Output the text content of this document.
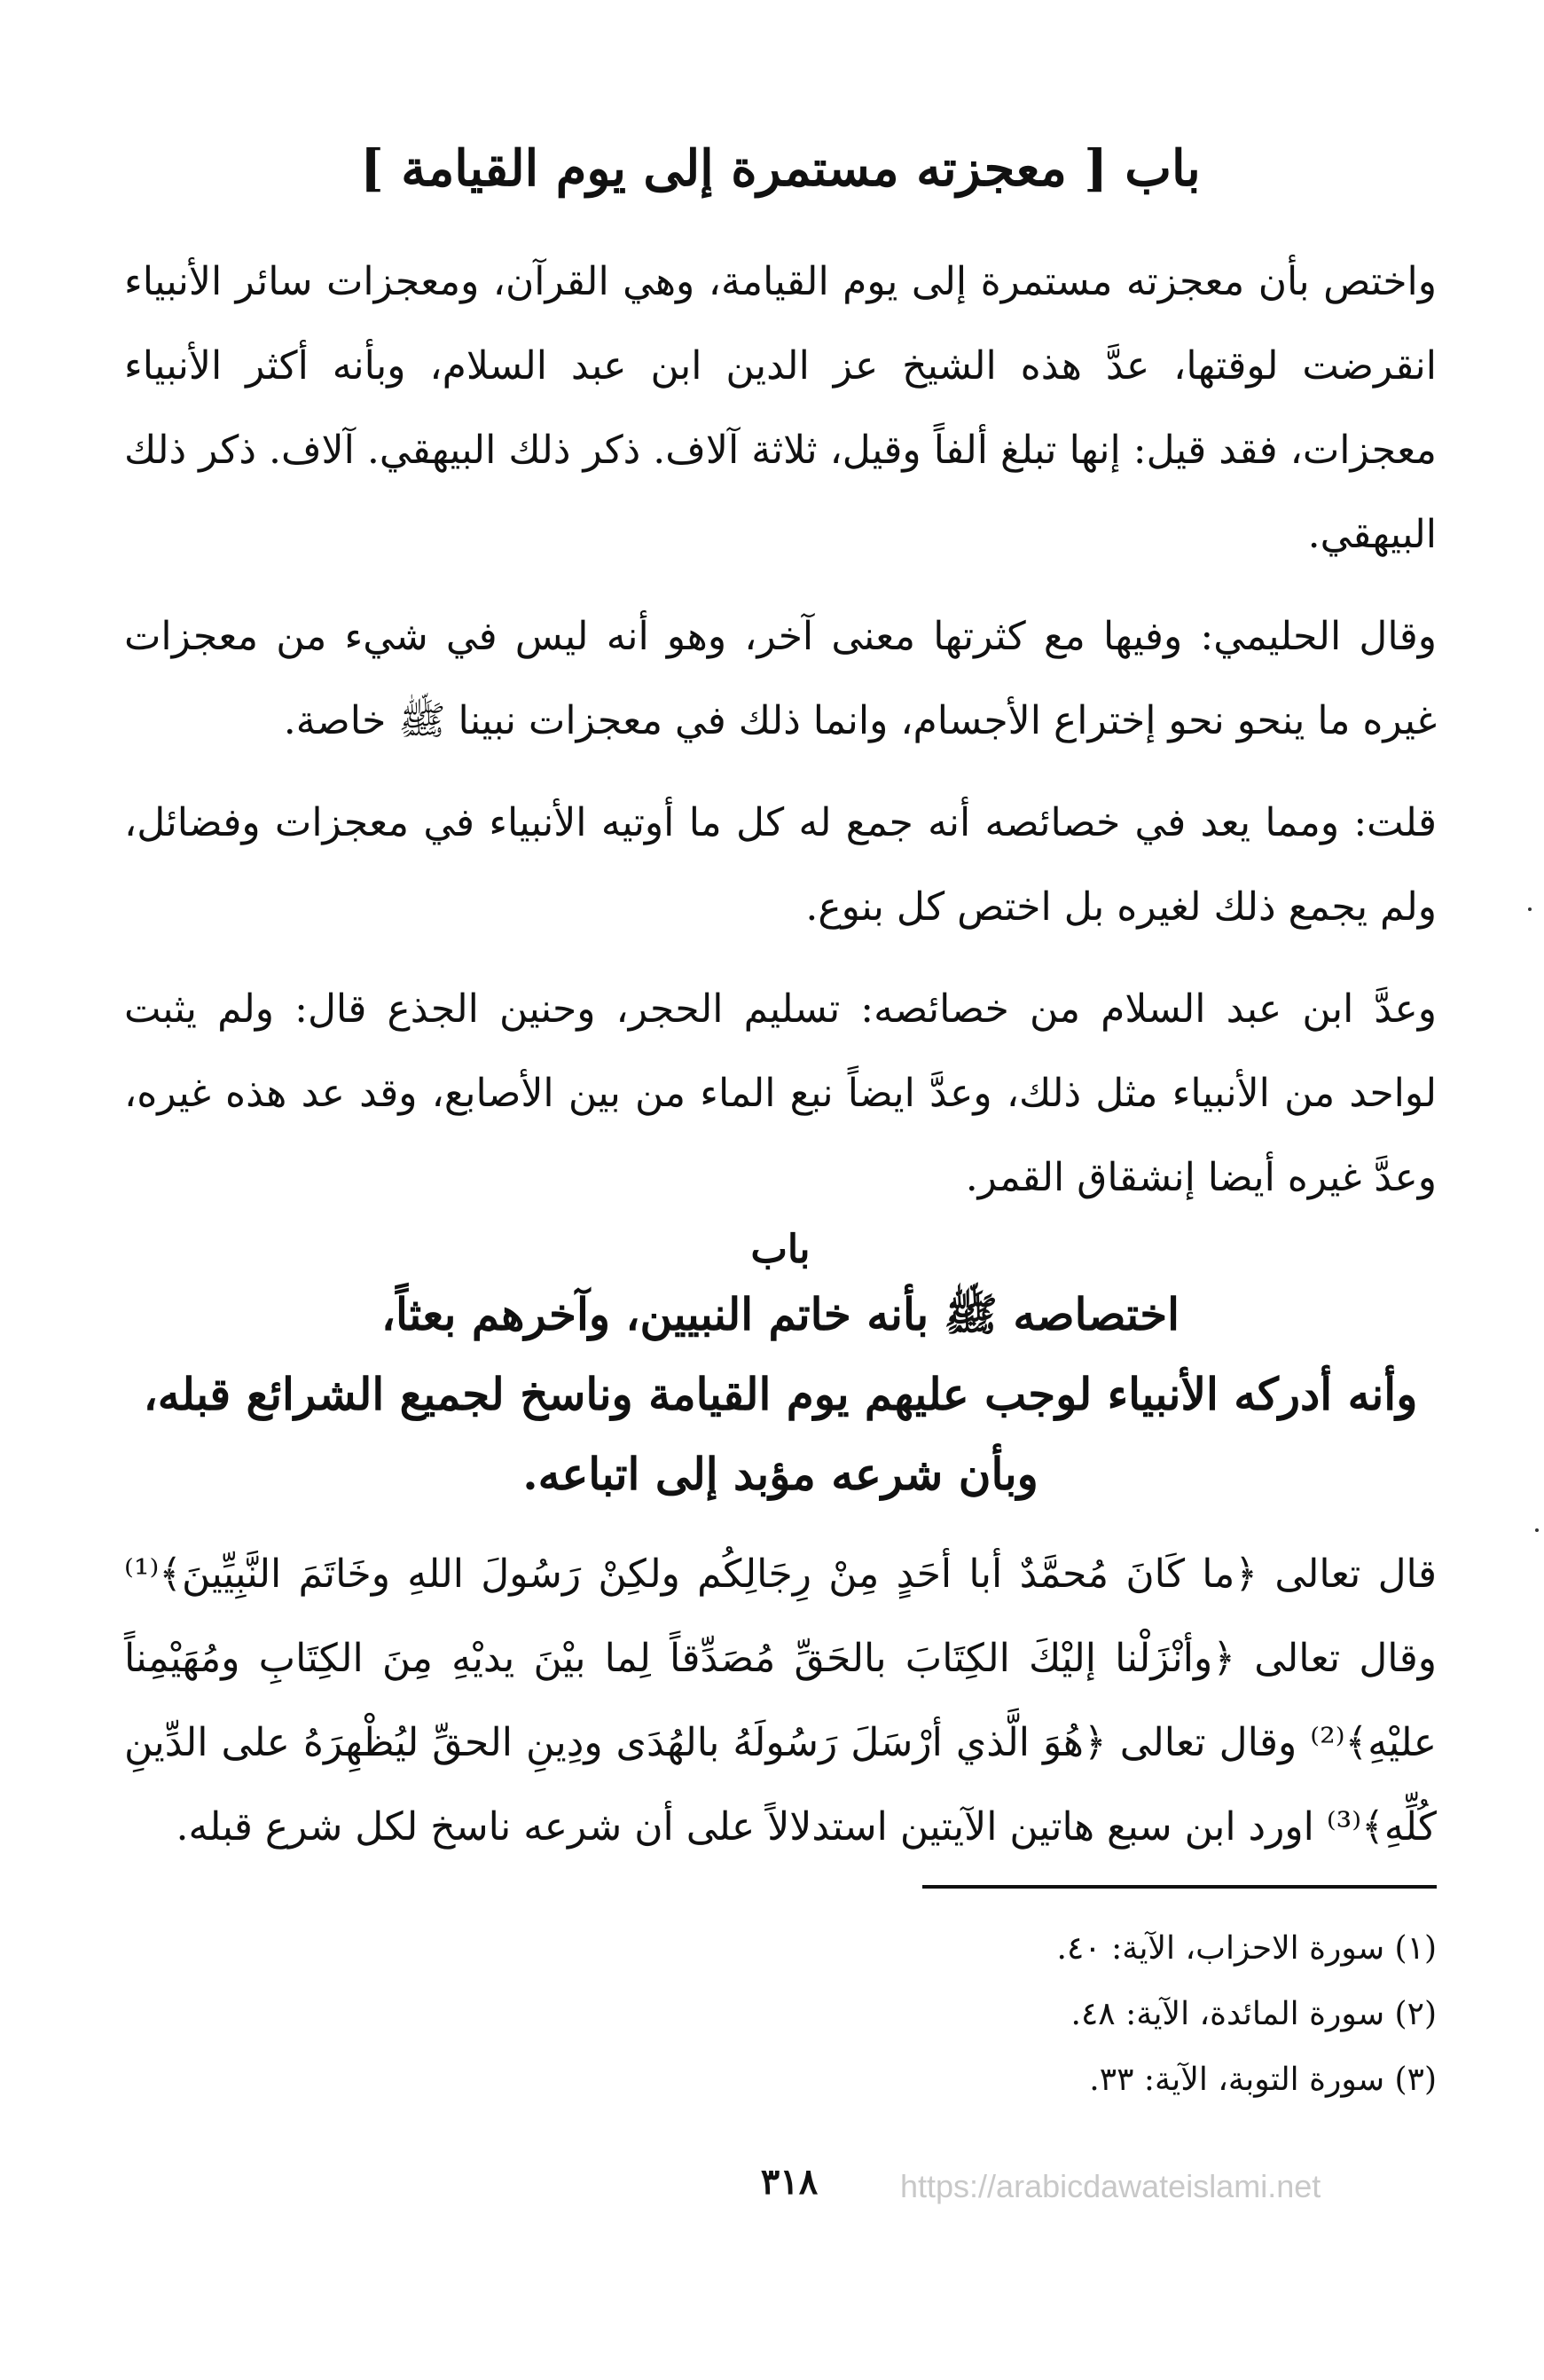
باب [ معجزته مستمرة إلى يوم القيامة ]

واختص بأن معجزته مستمرة إلى يوم القيامة، وهي القرآن، ومعجزات سائر الأنبياء انقرضت لوقتها، عدَّ هذه الشيخ عز الدين ابن عبد السلام، وبأنه أكثر الأنبياء معجزات، فقد قيل: إنها تبلغ ألفاً وقيل، ثلاثة آلاف. ذكر ذلك البيهقي. آلاف. ذكر ذلك البيهقي.

وقال الحليمي: وفيها مع كثرتها معنى آخر، وهو أنه ليس في شيء من معجزات غيره ما ينحو نحو إختراع الأجسام، وانما ذلك في معجزات نبينا ﷺ خاصة.

قلت: ومما يعد في خصائصه أنه جمع له كل ما أوتيه الأنبياء في معجزات وفضائل، ولم يجمع ذلك لغيره بل اختص كل بنوع.

وعدَّ ابن عبد السلام من خصائصه: تسليم الحجر، وحنين الجذع قال: ولم يثبت لواحد من الأنبياء مثل ذلك، وعدَّ ايضاً نبع الماء من بين الأصابع، وقد عد هذه غيره، وعدَّ غيره أيضا إنشقاق القمر.

باب
اختصاصه ﷺ بأنه خاتم النبيين، وآخرهم بعثاً،
وأنه أدركه الأنبياء لوجب عليهم يوم القيامة وناسخ لجميع الشرائع قبله،
وبأن شرعه مؤبد إلى اتباعه.

قال تعالى ﴿ما كَانَ مُحمَّدٌ أبا أحَدٍ مِنْ رِجَالِكُم ولكِنْ رَسُولَ اللهِ وخَاتَمَ النَّبِيِّينَ﴾⁽¹⁾ وقال تعالى ﴿وأنْزَلْنا إليْكَ الكِتَابَ بالحَقِّ مُصَدِّقاً لِما بيْنَ يديْهِ مِنَ الكِتَابِ ومُهَيْمِناً عليْهِ﴾⁽²⁾ وقال تعالى ﴿هُوَ الَّذي أرْسَلَ رَسُولَهُ بالهُدَى ودِينِ الحقِّ ليُظْهِرَهُ على الدِّينِ كُلِّهِ﴾⁽³⁾ اورد ابن سبع هاتين الآيتين استدلالاً على أن شرعه ناسخ لكل شرع قبله.

(١) سورة الاحزاب، الآية: ٤٠.

(٢) سورة المائدة، الآية: ٤٨.

(٣) سورة التوبة، الآية: ٣٣.

٣١٨	https://arabicdawateislami.net
